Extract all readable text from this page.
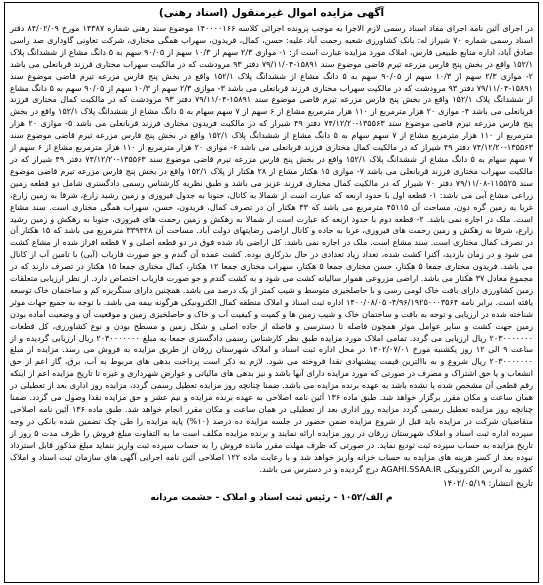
آگهی مزایده اموال غیرمنقول (اسناد رهنی)
در اجرای آئین نامه اجرای مفاد اسناد رسمی لازم الاجرا به موجب پرونده اجرائی کلاسه ۱۴۰۰۰۰۱۶۶ موضوع سند رهنی شماره ۱۴۳۸۷ مورخ ۸۴/۰۲/۰۹ دفتر اسناد رسمی شماره ۷۰ شیراز له: بانک کشاورزی شعبه رحمت آباد علیه: حسن، کمال، فریدون، سهراب همگی مختاری، شرکت تعاونی گاوداری صد راسی صادق آباد، اداره منابع طبیعی فارس، املاک مورد مزایده عبارت است از: ۱- موازی ۲/۳ سهم از ۱۰/۳ سهم از ۹۰/۰۵ سهم به ۵ دانگ مشاع از ششدانگ پلاک ۱۵۲/۱ واقع در بخش پنج فارس مزرعه تیرم قاضی موضوع سند ۱۵۸۹۱-۷۹/۱۱/۰۴ دفتر ۹۳ مرودشت که در مالکیت سهراب مختاری فرزند قربانعلی می باشد ۲- موازی ۲/۳ سهم از ۱۰/۳ سهم از ۹۰/۰۵ سهم به ۵ دانگ مشاع از ششدانگ پلاک ۱۵۲/۱ واقع در بخش پنج فارس مزرعه تیرم قاضی موضوع سند ۱۵۸۹۱-۷۹/۱۱/۰۴ دفتر ۹۳ مرودشت که در مالکیت سهراب مختاری فرزند قربانعلی می باشد ۳- موازی ۲/۳ سهم از ۱۰/۳ سهم از ۹۰/۰۵ سهم به ۵ دانگ مشاع از ششدانگ پلاک ۱۵۲/۱ واقع در بخش پنج فارس مزرعه تیرم قاضی موضوع سند ۱۵۸۹۱-۷۹/۱۱/۰۴ دفتر ۹۳ مرودشت که در مالکیت کمال مختاری فرزند قربانعلی می باشد ۴- موازی ۲۰ هزار مترمربع از ۱۱۰ هزار مترمربع مشاع از ۶ سهم از ۷ سهم سهام به ۵ دانگ مشاع از ششدانگ پلاک ۱۵۲/۱ واقع در بخش پنج فارس مزرعه تیرم قاضی موضوع سند ۱۳۵۵۶۳-۷۴/۱۲/۲۰ دفتر ۴۹ شیراز که در مالکیت فریدون مختاری فرزند قربانعلی می باشد ۵- موازی ۲۰ هزار مترمربع از ۱۱۰ هزار مترمربع مشاع از ۷ سهم سهام به ۵ دانگ مشاع از ششدانگ پلاک ۱۵۲/۱ واقع در بخش پنج فارس مزرعه تیرم قاضی موضوع سند ۱۳۵۵۶۳-۷۴/۱۲/۲۰ دفتر ۴۹ شیراز که در مالکیت کمال مختاری فرزند قربانعلی می باشد ۶- موازی ۲۰ هزار مترمربع از ۱۱۰ هزار مترمربع مشاع از ۶ سهم از ۷ سهم سهام به ۵ دانگ مشاع از ششدانگ پلاک ۱۵۲/۱ واقع در بخش پنج فارس مزرعه تیرم قاضی موضوع سند ۱۳۵۵۶۳-۷۴/۱۲/۲۰ دفتر ۴۹ شیراز که در مالکیت سهراب مختاری فرزند قربانعلی می باشد ۷- موازی ۱۵ هکتار مشاع از ۲۸ هکتار از پلاک ۱۵۲/۱ واقع در بخش پنج فارس مزرعه تیرم قاضی موضوع سند ۱۱۵۵۲۵-۷۹/۱۱/۰۸ دفتر ۷۰ شیراز که در مالکیت کمال مختاری فرزند عزیز می باشد و طبق نظریه کارشناس رسمی دادگستری شامل دو قطعه زمین زراعی مشاع آبی می باشد: ۱- قطعه اول با حدود اربعه که عبارت است از شمالا به کانال، جنوبا به جدول فیروزی و زمین رشید زارع، شرقا به زمین زارع، غربا به زمین گره دون، مساحت آن ۴۵۱۱۵ مترمربع می باشد که ۳۳ هکتار آن در تصرف کمال، فریدون، حسن، سهراب همگی مختاری است. سند مشاع است. ملک در اجاره نمی باشد. ۲- قطعه دوم با حدود اربعه که عبارت است از شمالا به زهکش و زمین رحمت های فیروزی، جنوبا به زهکش و زمین رشید زارع، شرقا به زهکش و زمین رحمت های فیروزی، غربا به جاده و کانال اراضی رضایتهای دولت آباد. مساحت آن ۳۳۹۴۲۸ مترمربع می باشد که ۱۵ هکتار آن در تصرف کمال مختاری است. سند مشاع است. ملک در اجاره نمی باشد. کل اراضی یاد شده فوق در دو قطعه اصلی و ۷ قطعه افراز شده از مشاع کشت می شود و در زمان بازدید، آکنرا کشت شده، تعداد زیاد تعدادی در حال بذرکاری بوده. کشت عمده آن گندم و جو صورت فاریاب (آبی) با تامین آب از کانال می باشد. فریدون مختاری جمعا ۵ هکتار، حسن مختاری جمعا ۵ هکتار، سهراب مختاری جمعا ۱۲ هکتار، کمال مختاری جمعا ۱۵ هکتار در تصرف دارند که در مجموع معادل ۳۷ هکتار می باشد. اراضی مزروعی هموار سالیانه کشت می شود و به کشت گندم و جو صورت فاریاب اختصاص دارد. از نظر ارزیابی متعلقات زمین کشاورزی دارای بافت خاک لومی رسی و با حاصلخیزی متوسط و شیب کمتر از یک درصد می باشد. همچنین دارای سنگریزه کم و ساختمان خاک توسعه یافته است. برابر نامه ۴/۹۶/۱۹۲۵۰۰۰۳۵۶۴- ۱۴۰۰/۰۸/۰۵ اداره ثبت اسناد و املاک منطقه کمال الکترونیکی هرگونه بیمه می باشد. با توجه به جمیع جهات موثر شناخته شده در ارزیابی و توجه به بافت و ساختمان خاک و شیب زمین ها و کمیت و کیفیت آب و خاک و حاصلخیزی زمین و موقعیت آن و وضعیت آماده بودن زمین جهت کشت و سایر عوامل موثر همچون فاصله تا دسترسی و فاصله از جاده اصلی و شکل زمین و مسطح بودن و نوع کشاورزی، کل قطعات ۲۰۳۰۰۰۰۰۰۰ ریال ارزیابی می گردد. تمامی املاک مورد مزایده طبق نظر کارشناس رسمی دادگستری جمعا به مبلغ ۲۰۳۰۰۰۰۰۰۰ ریال ارزیابی گردیده و از ساعت ۹ الی ۱۲ روز یکشنبه مورخ ۱۴۰۲/۰۷/۰۱ در محل اداره ثبت اسناد و املاک شهرستان زرقان از طریق مزایده به فروش می رسد. مزایده از مبلغ ۲۰۳۰۰۰۰۰۰۰ ریال شروع و به باالترین قیمت پیشنهادی نقدا فروخته می شود. لازم به ذکر است پرداخت بدهی های مربوط به آب، برق، گاز اعم از حق انشعاب و یا حق اشتراک و مصرف در صورتی که مورد مزایده دارای آنها باشد و نیز بدهی های مالیاتی و عوارض شهرداری و غیره تا تاریخ مزایده اعم از اینکه رقم قطعی آن مشخص شده یا نشده باشد به عهده برنده مزایده می باشد. ضمنا چنانچه روز مزایده تعطیل رسمی گردد، مزایده روز اداری بعد از تعطیلی در همان ساعت و مکان مقرر برگزار خواهد شد. طبق ماده ۱۳۶ آئین نامه اصلاحی به عهده برنده مزایده و نیم عشر و حق مزایده نقدا وصول می گردد. ضمنا چنانچه روز مزایده تعطیل رسمی گردد مزایده روز اداری بعد از تعطیلی در همان ساعت و مکان مقرر انجام خواهد شد. طبق ماده ۱۳۶ آئین نامه اصلاحی متقاضیان شرکت در مزایده باید قبل از شروع مزایده ضمن حضور در جلسه مزایده ده درصد (۱۰%) پایه مزایده را طی چک تضمین شده بانکی در وجه سپرده اداره ثبت اسناد و املاک شهرستان زرقان در روز مزایده ارائه نمایند و برنده مزایده مکلف است ما به التفاوت مبلغ فروش را ظرف مدت ۵ روز از تاریخ مزایده به حساب سپرده ثبت تودیع نماید. در صورتی که ظرف مهلت مقرر مانده فروش را به حساب سپرده ثبت واریز ننماید مبلغ مذکور قابل استرداد نبوده بعد از کسر هزینه های مزایده به حساب خزانه واریز خواهد شد و با رعایت ماده ۱۲۲ اصلاحی آئین نامه اجرایی آگهی های سازمان ثبت اسناد و املاک کشور به آدرس الکترونیکی AGAHI.SSAA.IR درج گردیده و در دسترس می باشد.
تاریخ انتشار: ۱۴۰۲/۰۵/۱۹
م الف/۱۰۵۲ - رئیس ثبت اسناد و املاک - حشمت مردانه
